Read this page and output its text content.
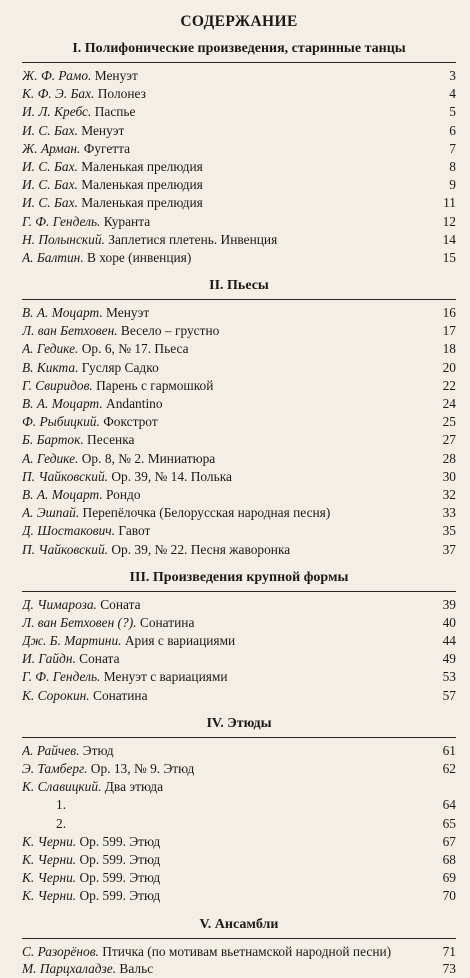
СОДЕРЖАНИЕ
I. Полифонические произведения, старинные танцы
Ж. Ф. Рамо. Менуэт	3
К. Ф. Э. Бах. Полонез	4
И. Л. Кребс. Паспье	5
И. С. Бах. Менуэт	6
Ж. Арман. Фугетта	7
И. С. Бах. Маленькая прелюдия	8
И. С. Бах. Маленькая прелюдия	9
И. С. Бах. Маленькая прелюдия	11
Г. Ф. Гендель. Куранта	12
Н. Полынский. Заплетися плетень. Инвенция	14
А. Балтин. В хоре (инвенция)	15
II. Пьесы
В. А. Моцарт. Менуэт	16
Л. ван Бетховен. Весело – грустно	17
А. Гедике. Ор. 6, № 17. Пьеса	18
В. Кикта. Гусляр Садко	20
Г. Свиридов. Парень с гармошкой	22
В. А. Моцарт. Andantino	24
Ф. Рыбицкий. Фокстрот	25
Б. Барток. Песенка	27
А. Гедике. Ор. 8, № 2. Миниатюра	28
П. Чайковский. Ор. 39, № 14. Полька	30
В. А. Моцарт. Рондо	32
А. Эшпай. Перепёлочка (Белорусская народная песня)	33
Д. Шостакович. Гавот	35
П. Чайковский. Ор. 39, № 22. Песня жаворонка	37
III. Произведения крупной формы
Д. Чимароза. Соната	39
Л. ван Бетховен (?). Сонатина	40
Дж. Б. Мартини. Ария с вариациями	44
И. Гайдн. Соната	49
Г. Ф. Гендель. Менуэт с вариациями	53
К. Сорокин. Сонатина	57
IV. Этюды
А. Райчев. Этюд	61
Э. Тамберг. Ор. 13, № 9. Этюд	62
К. Славицкий. Два этюда
1.	64
2.	65
К. Черни. Ор. 599. Этюд	67
К. Черни. Ор. 599. Этюд	68
К. Черни. Ор. 599. Этюд	69
К. Черни. Ор. 599. Этюд	70
V. Ансамбли
С. Разорёнов. Птичка (по мотивам вьетнамской народной песни)	71
М. Парцхаладзе. Вальс	73
